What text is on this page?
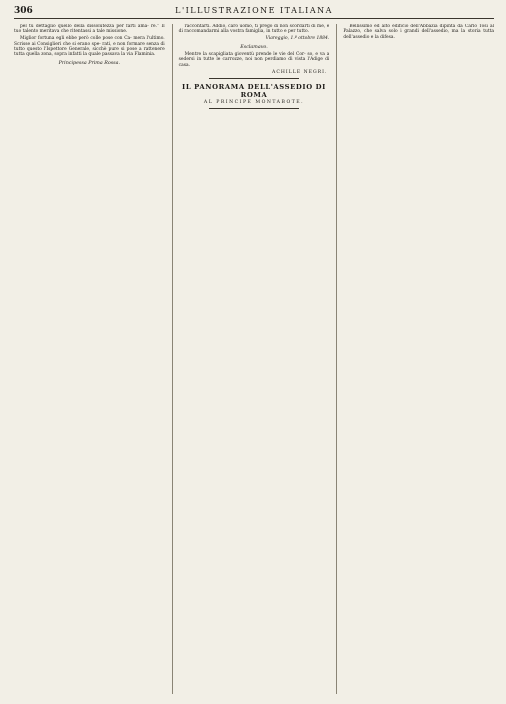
306	L'ILLUSTRAZIONE ITALIANA

pel tu dettaglio quello della dissolutezza per farti ama- re.” Il tuo talento meritava che ritentassi a tale missione.

Miglior fortuna egli ebbe però colle pose con Ca- mera l'ultimo. Scrisse ai Consiglieri che si erano spe- rati, e non formare senza di tutto questo l'Ispettore Generale, sicchè pure si pose a rattenere tutta quella zona, sopra infatti la quale passava la via Flaminia.

Principessa Prima Rossa.

raccontarti. Addio, caro uomo, ti prego di non scordarti di me, e di raccomandarmi alla vostra famiglia, in tutto e per tutto.

Viareggio, 1.º ottobre 1884.
Esclamavo.

Mentre la scapigliata gioventù prende le vie del Cor- so, e va a sedersi in tutte le carrozze, noi non perdiamo di vista l'Adige di casa.

ACHILLE NEGRI.
IL PANORAMA DELL'ASSEDIO DI ROMA
AL PRINCIPE MONTABOTE.

Bellissimo ed alto edificio dell'Abbazia dipinta da Carlo Tosi al Palazzo, che salva solo i grandi dell'assedio, ma la storia tutta dell'assedio e la difesa.
